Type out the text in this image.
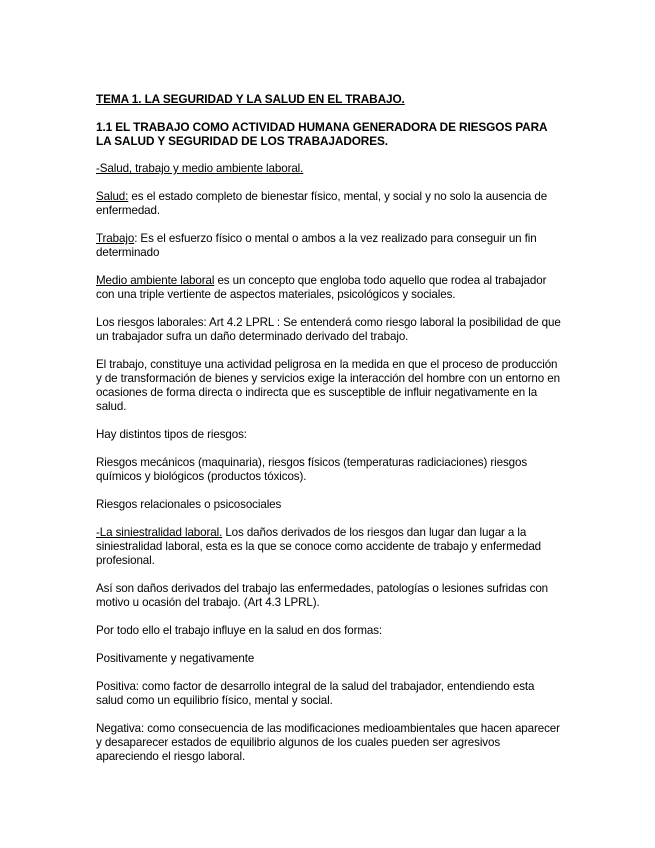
TEMA 1. LA SEGURIDAD Y LA SALUD EN EL TRABAJO.

1.1 EL TRABAJO COMO ACTIVIDAD HUMANA GENERADORA DE RIESGOS PARA LA SALUD Y SEGURIDAD DE LOS TRABAJADORES.

-Salud, trabajo y medio ambiente laboral.

Salud: es el estado completo de bienestar físico, mental, y social y no solo la ausencia de enfermedad.

Trabajo: Es el esfuerzo físico o mental o ambos a la vez realizado para conseguir un fin determinado

Medio ambiente laboral es un concepto que engloba todo aquello que rodea al trabajador con una triple vertiente de aspectos materiales, psicológicos y sociales.

Los riesgos laborales: Art 4.2 LPRL : Se entenderá como riesgo laboral la posibilidad de que un trabajador sufra un daño determinado derivado del trabajo.

El trabajo, constituye una actividad peligrosa en la medida en que el proceso de producción y de transformación de bienes y servicios exige la interacción del hombre con un entorno en ocasiones de forma directa o indirecta que es susceptible de influir negativamente en la salud.

Hay distintos tipos de riesgos:

Riesgos mecánicos (maquinaria), riesgos físicos (temperaturas radiciaciones) riesgos químicos y biológicos (productos tóxicos).

Riesgos relacionales o psicosociales

-La siniestralidad laboral. Los daños derivados de los riesgos dan lugar dan lugar a la siniestralidad laboral, esta es la que se conoce como accidente de trabajo y enfermedad profesional.

Así son daños derivados del trabajo las enfermedades, patologías o lesiones sufridas con motivo u ocasión del trabajo. (Art 4.3 LPRL).

Por todo ello el trabajo influye en la salud en dos formas:

Positivamente y negativamente

Positiva: como factor de desarrollo integral de la salud del trabajador, entendiendo esta salud como un equilibrio físico, mental y social.

Negativa: como consecuencia de las modificaciones medioambientales que hacen aparecer y desaparecer estados de equilibrio algunos de los cuales pueden ser agresivos apareciendo el riesgo laboral.
